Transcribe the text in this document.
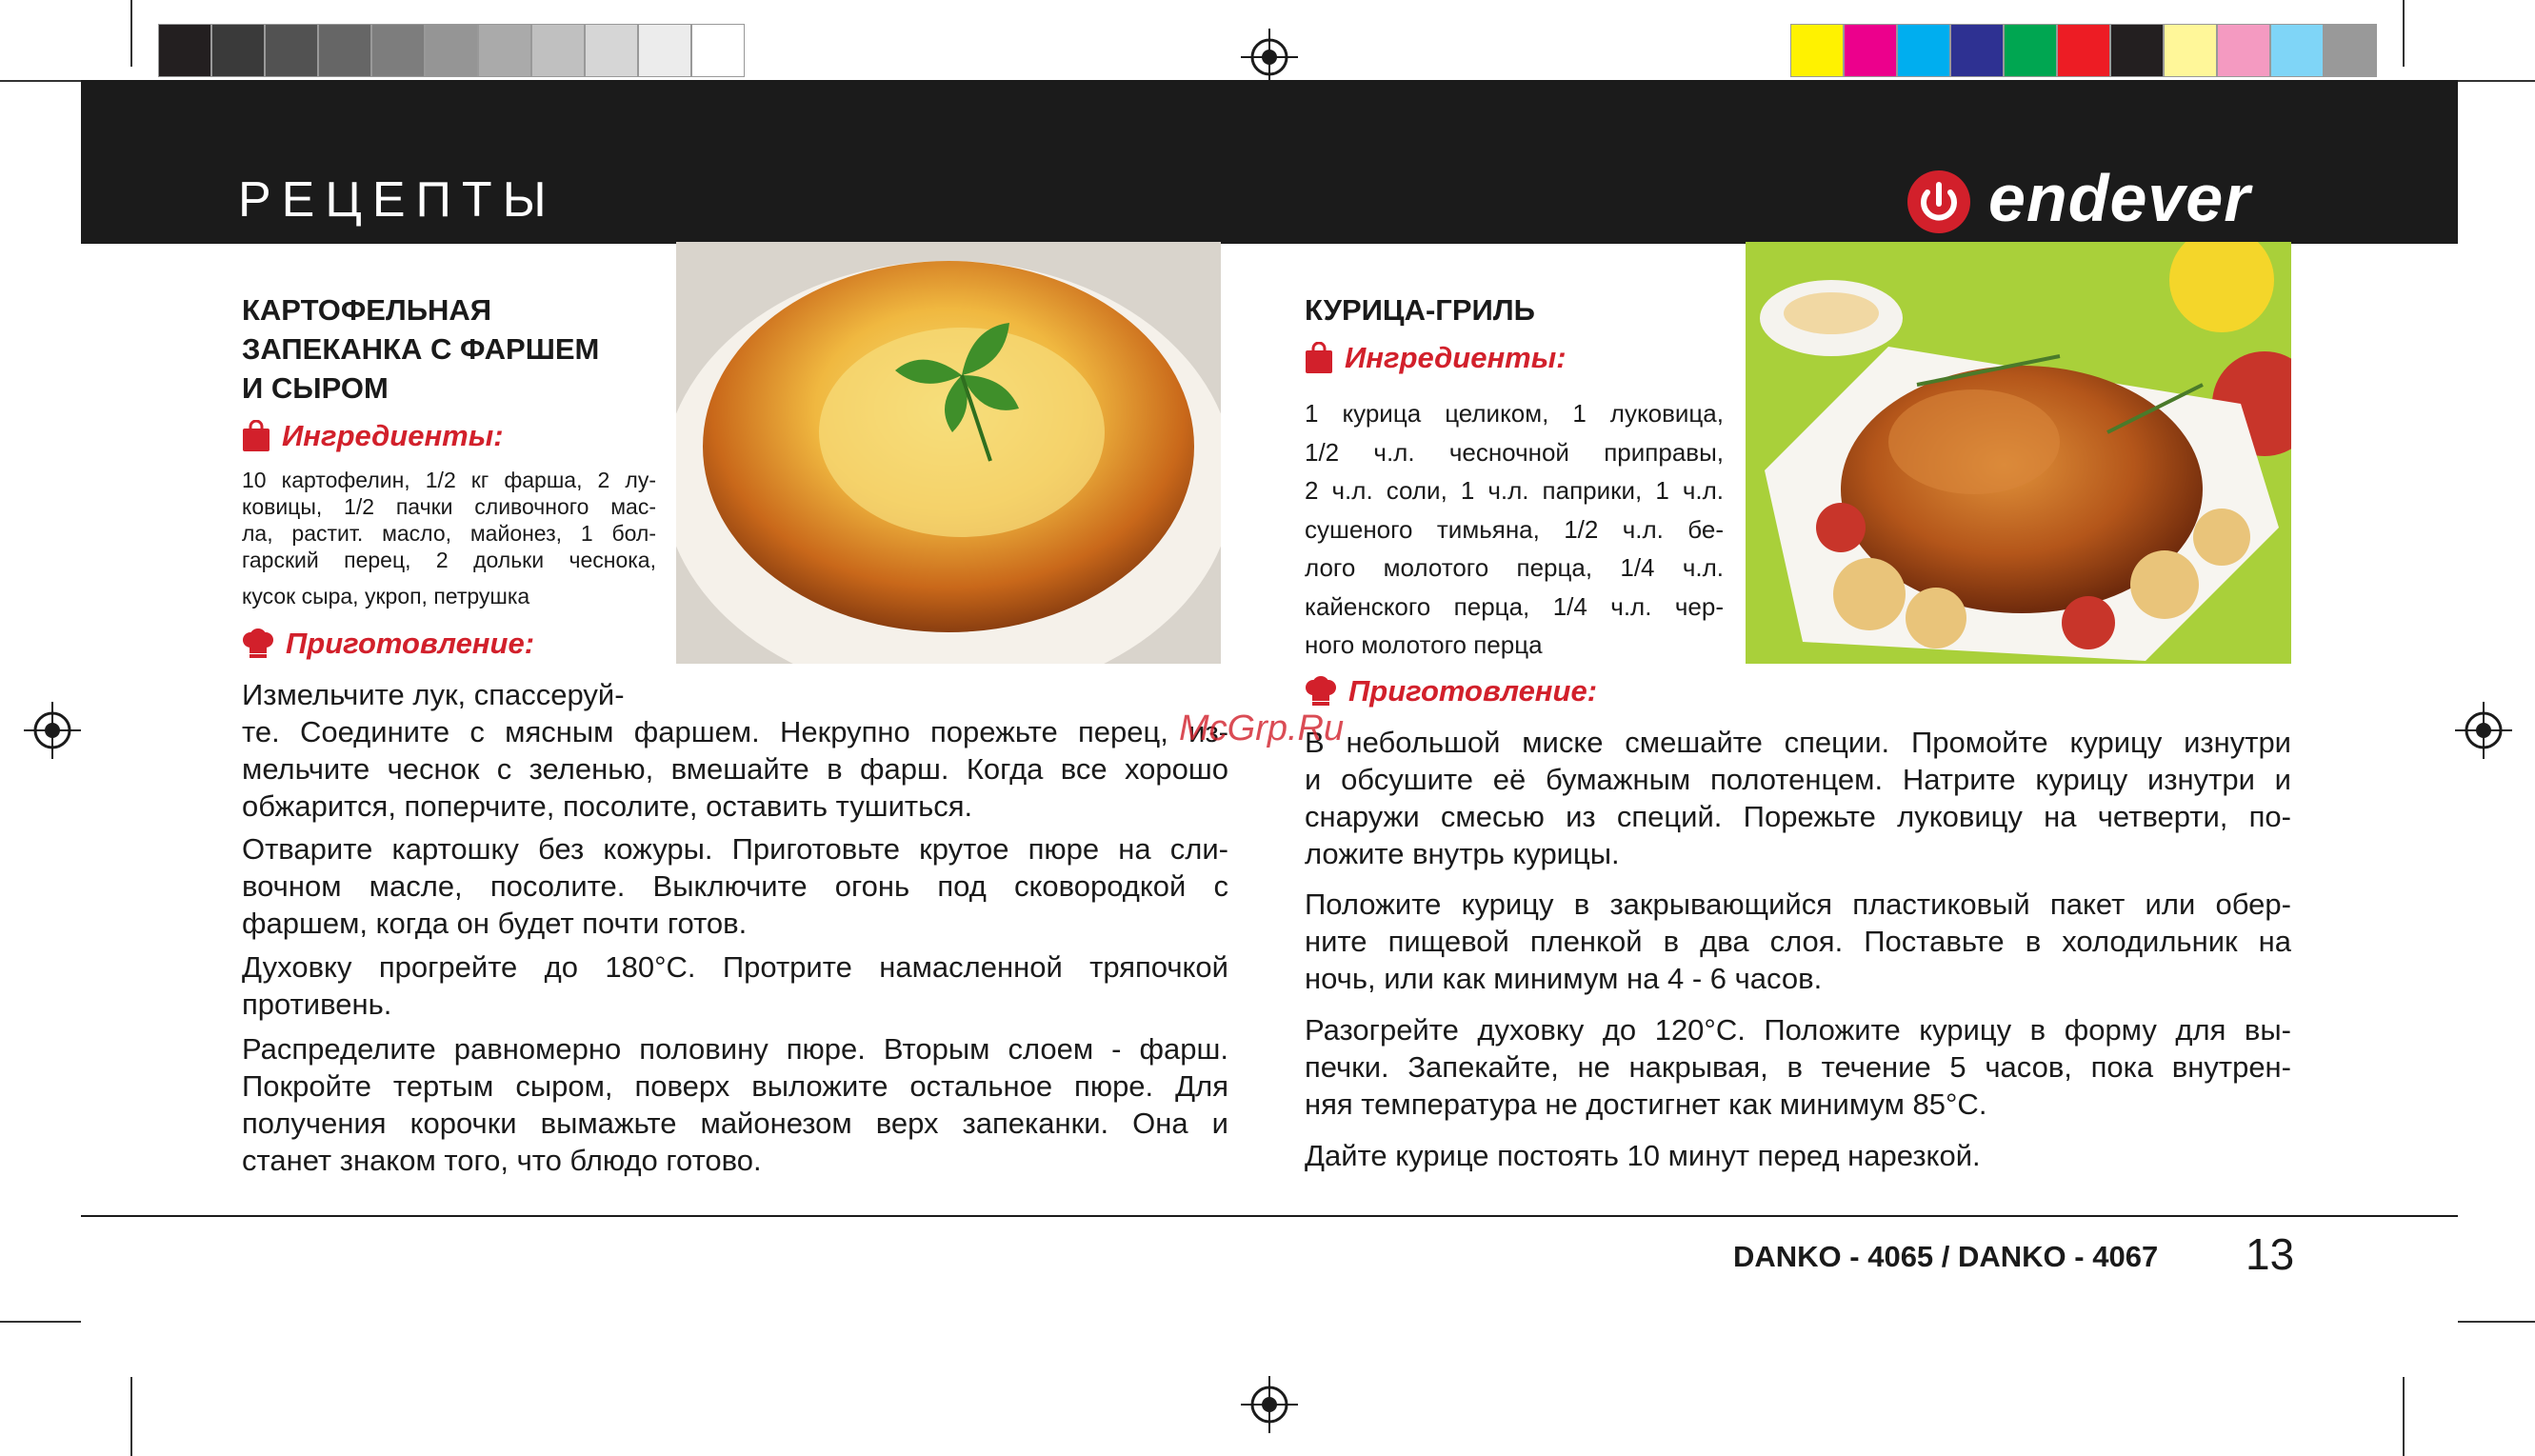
РЕЦЕПТЫ	endever
КАРТОФЕЛЬНАЯ
ЗАПЕКАНКА С ФАРШЕМ
И СЫРОМ
Ингредиенты:
10 картофелин, 1/2 кг фарша, 2 лу-
ковицы, 1/2 пачки сливочного мас-
ла, растит. масло, майонез, 1 бол-
гарский перец, 2 дольки чеснока,
кусок сыра, укроп, петрушка
Приготовление:
Измельчите лук, спассеруй-
те. Соедините с мясным фаршем. Некрупно порежьте перец, из-
мельчите чеснок с зеленью, вмешайте в фарш. Когда все хорошо
обжарится, поперчите, посолите, оставить тушиться.
Отварите картошку без кожуры. Приготовьте крутое пюре на сли-
вочном масле, посолите. Выключите огонь под сковородкой с
фаршем, когда он будет почти готов.
Духовку прогрейте до 180°С. Протрите намасленной тряпочкой
противень.
Распределите равномерно половину пюре. Вторым слоем - фарш.
Покройте тертым сыром, поверх выложите остальное пюре. Для
получения корочки вымажьте майонезом верх запеканки. Она и
станет знаком того, что блюдо готово.
КУРИЦА-ГРИЛЬ
Ингредиенты:
1 курица целиком, 1 луковица,
1/2 ч.л. чесночной приправы,
2 ч.л. соли, 1 ч.л. паприки, 1 ч.л.
сушеного тимьяна, 1/2 ч.л. бе-
лого молотого перца, 1/4 ч.л.
кайенского перца, 1/4 ч.л. чер-
ного молотого перца
Приготовление:
В небольшой миске смешайте специи. Промойте курицу изнутри
и обсушите её бумажным полотенцем. Натрите курицу изнутри и
снаружи смесью из специй. Порежьте луковицу на четверти, по-
ложите внутрь курицы.
Положите курицу в закрывающийся пластиковый пакет или обер-
ните пищевой пленкой в два слоя. Поставьте в холодильник на
ночь, или как минимум на 4 - 6 часов.
Разогрейте духовку до 120°С. Положите курицу в форму для вы-
печки. Запекайте, не накрывая, в течение 5 часов, пока внутрен-
няя температура не достигнет как минимум 85°С.
Дайте курице постоять 10 минут перед нарезкой.
McGrp.Ru
DANKO - 4065 / DANKO - 4067 13
